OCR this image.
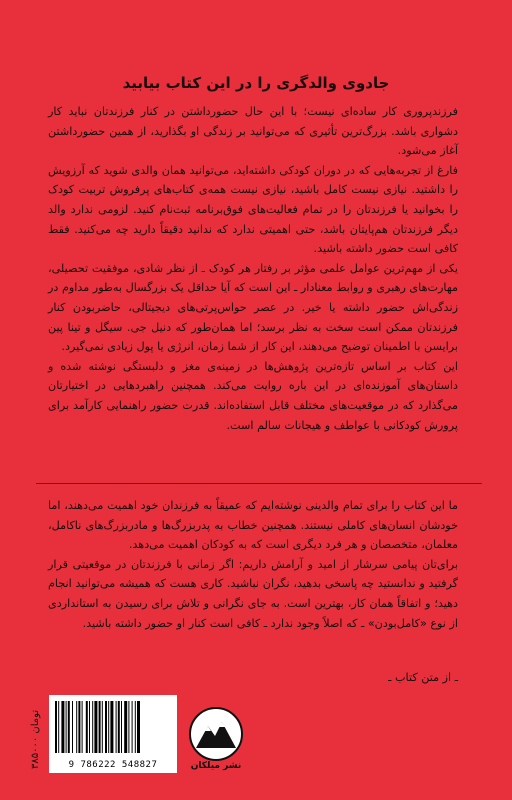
جادوی والدگری را در این کتاب بیابید

فرزندپروری کار ساده‌ای نیست؛ با این حال حضورداشتن در کنار فرزندتان نباید کار دشواری باشد. بزرگ‌ترین تأثیری که می‌توانید بر زندگی او بگذارید، از همین حضورداشتن آغاز می‌شود.

فارغ از تجربه‌هایی که در دوران کودکی داشته‌اید، می‌توانید همان والدی شوید که آرزویش را داشتید. نیازی نیست کامل باشید، نیازی نیست همه‌ی کتاب‌های پرفروش تربیت کودک را بخوانید یا فرزندتان را در تمام فعالیت‌های فوق‌برنامه ثبت‌نام کنید. لزومی ندارد والد دیگر فرزندتان هم‌پایتان باشد، حتی اهمیتی ندارد که ندانید دقیقاً دارید چه می‌کنید. فقط کافی است حضور داشته باشید.

یکی از مهم‌ترین عوامل علمی مؤثر بر رفتار هر کودک ـ از نظر شادی، موفقیت تحصیلی، مهارت‌های رهبری و روابط معنادار ـ این است که آیا حداقل یک بزرگسال به‌طور مداوم در زندگی‌اش حضور داشته یا خیر. در عصر حواس‌پرتی‌های دیجیتالی، حاضربودن کنار فرزندتان ممکن است سخت به نظر برسد؛ اما همان‌طور که دنیل جی. سیگل و تینا پین برایسن با اطمینان توضیح می‌دهند، این کار از شما زمان، انرژی یا پول زیادی نمی‌گیرد.

این کتاب بر اساس تازه‌ترین پژوهش‌ها در زمینه‌ی مغز و دلبستگی نوشته شده و داستان‌های آموزنده‌ای در این باره روایت می‌کند. همچنین راهبردهایی در اختیارتان می‌گذارد که در موقعیت‌های مختلف قابل استفاده‌اند. قدرت حضور راهنمایی کارآمد برای پرورش کودکانی با عواطف و هیجانات سالم است.

ما این کتاب را برای تمام والدینی نوشته‌ایم که عمیقاً به فرزندان خود اهمیت می‌دهند، اما خودشان انسان‌های کاملی نیستند. همچنین خطاب به پدربزرگ‌ها و مادربزرگ‌های ناکامل، معلمان، متخصصان و هر فرد دیگری است که به کودکان اهمیت می‌دهد.

برای‌تان پیامی سرشار از امید و آرامش داریم: اگر زمانی با فرزندتان در موقعیتی قرار گرفتید و ندانستید چه پاسخی بدهید، نگران نباشید. کاری هست که همیشه می‌توانید انجام دهید؛ و اتفاقاً همان کار، بهترین است. به جای نگرانی و تلاش برای رسیدن به استانداردی از نوع «کامل‌بودن» ـ که اصلاً وجود ندارد ـ کافی است کنار او حضور داشته باشید.

ـ از متن کتاب ـ
۳۸۵۰۰۰ تومان
9 786222 548827	نشر میلکان
